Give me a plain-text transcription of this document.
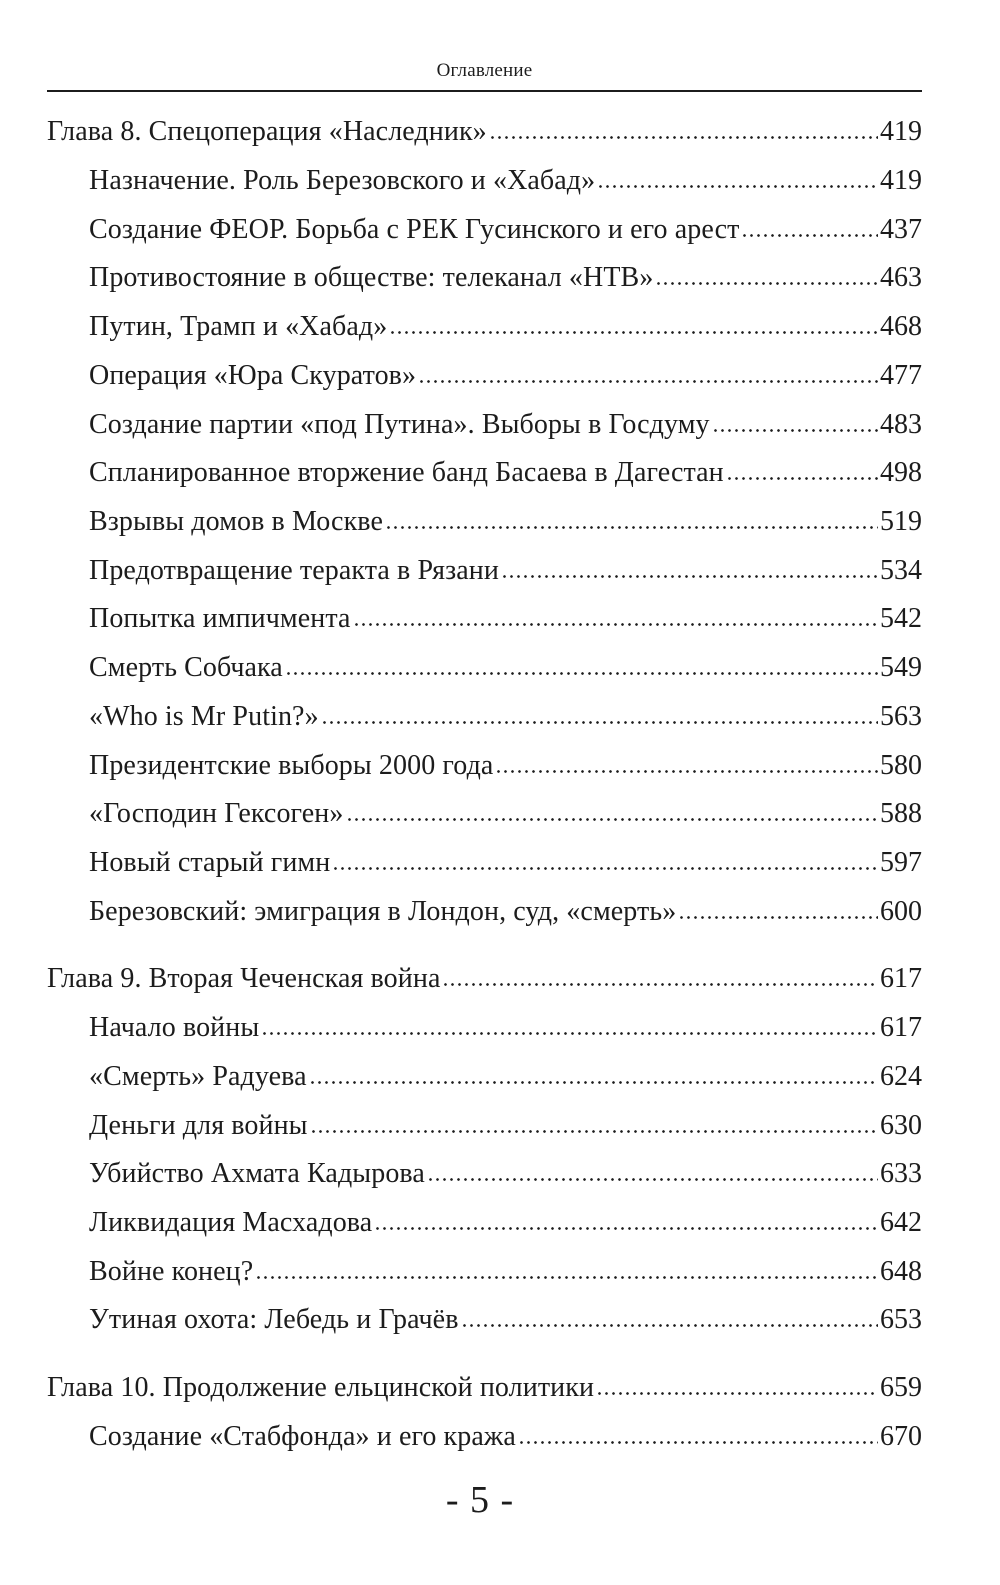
Оглавление
Глава 8. Спецоперация «Наследник»	419
Назначение. Роль Березовского и «Хабад»	419
Создание ФЕОР. Борьба с РЕК Гусинского и его арест	437
Противостояние в обществе: телеканал «НТВ»	463
Путин, Трамп и «Хабад»	468
Операция «Юра Скуратов»	477
Создание партии «под Путина». Выборы в Госдуму	483
Спланированное вторжение банд Басаева в Дагестан	498
Взрывы домов в Москве	519
Предотвращение теракта в Рязани	534
Попытка импичмента	542
Смерть Собчака	549
«Who is Mr Putin?»	563
Президентские выборы 2000 года	580
«Господин Гексоген»	588
Новый старый гимн	597
Березовский: эмиграция в Лондон, суд, «смерть»	600
Глава 9. Вторая Чеченская война	617
Начало войны	617
«Смерть» Радуева	624
Деньги для войны	630
Убийство Ахмата Кадырова	633
Ликвидация Масхадова	642
Войне конец?	648
Утиная охота: Лебедь и Грачёв	653
Глава 10. Продолжение ельцинской политики	659
Создание «Стабфонда» и его кража	670
- 5 -
